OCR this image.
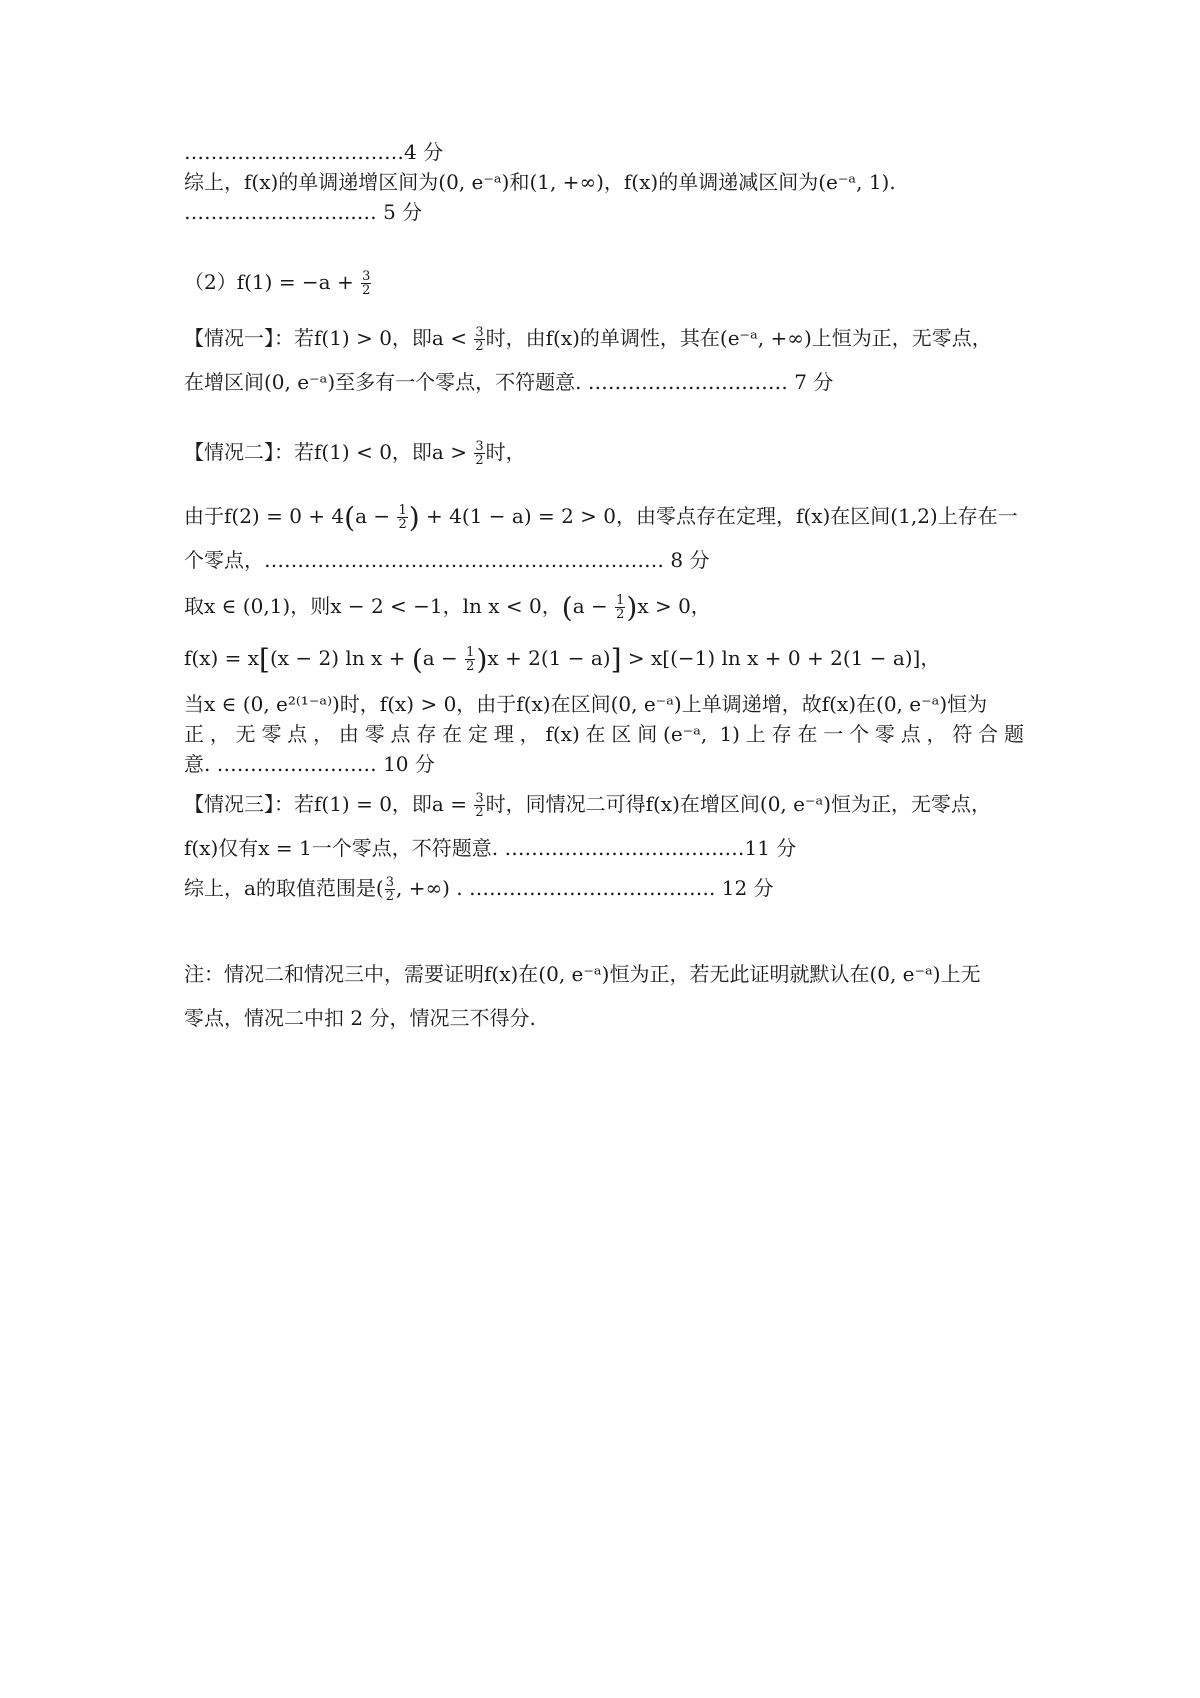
……………………………4 分
综上，f(x)的单调递增区间为(0, e⁻ᵃ)和(1, +∞)，f(x)的单调递减区间为(e⁻ᵃ, 1).
……………………..… 5 分
$(2)f(1) = -a + \frac{3}{2}$
【情况一】：若f(1) > 0，即$a < \frac{3}{2}$ 时，由f(x)的单调性，其在(e⁻ᵃ, +∞)上恒为正，无零点，
在增区间(0, e⁻ᵃ)至多有一个零点，不符题意. ………………………… 7 分
【情况二】：若f(1) < 0，即$a > \frac{3}{2}$ 时，
由于$f(2) = 0 + 4(a - \frac{1}{2}$ ) + 4(1 − a) = 2 > 0，由零点存在定理，f(x)在区间(1,2)上存在一
个零点，…………………………………………………… 8 分
取x ∈ (0,1)，则x − 2 < −1，ln x < 0，$(a - \frac{1}{2} )x > 0$，
f(x) = x[(x − 2) $\ln x + (a - \frac{1}{2} )x + 2(1 - a)] > x[(-1)$ ln x + 0 + 2(1 − a)]，
当x ∈ (0, e²⁽¹⁻ᵃ⁾)时，f(x) > 0，由于f(x)在区间(0, e⁻ᵃ)上单调递增，故f(x)在(0, e⁻ᵃ)恒为
正，无零点，由零点存在定理，f(x)在区间(e⁻ᵃ, 1)上存在一个零点，符合题
意. …………………… 10 分
【情况三】：若f(1) = 0，即$a = \frac{3}{2}$ 时，同情况二可得f(x)在增区间(0, e⁻ᵃ)恒为正，无零点，
f(x)仅有x = 1一个零点，不符题意. ………………………………11 分
综上，a的取值范围是( $\frac{3}{2}$ , +∞) . ………………………………. 12 分
注：情况二和情况三中，需要证明f(x)在(0, e⁻ᵃ)恒为正，若无此证明就默认在(0, e⁻ᵃ)上无
零点，情况二中扣 2 分，情况三不得分.
